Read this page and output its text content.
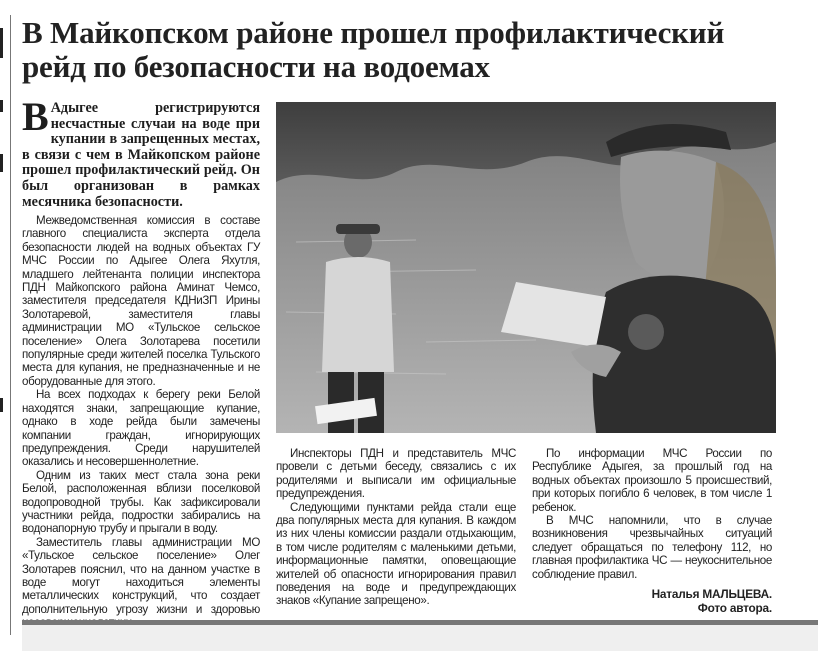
В Майкопском районе прошел профилактический
рейд по безопасности на водоемах

В Адыгее регистрируются несчастные случаи на воде при купании в запрещенных местах, в связи с чем в Майкопском районе прошел профилактический рейд. Он был организован в рамках месячника безопасности.

Межведомственная комиссия в составе главного специалиста эксперта отдела безопасности людей на водных объектах ГУ МЧС России по Адыгее Олега Яхутля, младшего лейтенанта полиции инспектора ПДН Майкопского района Аминат Чемсо, заместителя председателя КДНиЗП Ирины Золотаревой, заместителя главы администрации МО «Тульское сельское поселение» Олега Золотарева посетили популярные среди жителей поселка Тульского места для купания, не предназначенные и не оборудованные для этого.

На всех подходах к берегу реки Белой находятся знаки, запрещающие купание, однако в ходе рейда были замечены компании граждан, игнорирующих предупреждения. Среди нарушителей оказались и несовершеннолетние.

Одним из таких мест стала зона реки Белой, расположенная вблизи поселковой водопроводной трубы. Как зафиксировали участники рейда, подростки забирались на водонапорную трубу и прыгали в воду.

Заместитель главы администрации МО «Тульское сельское поселение» Олег Золотарев пояснил, что на данном участке в воде могут находиться элементы металлических конструкций, что создает дополнительную угрозу жизни и здоровью

Инспекторы ПДН и представитель МЧС провели с детьми беседу, связались с их родителями и выписали им официальные предупреждения.

Следующими пунктами рейда стали еще два популярных места для купания. В каждом из них члены комиссии раздали отдыхающим, в том числе родителям с маленькими детьми, информационные памятки, оповещающие жителей об опасности игнорирования правил поведения на воде и предупреждающих знаков «Купание запрещено».

По информации МЧС России по Республике Адыгея, за прошлый год на водных объектах произошло 5 происшествий, при которых погибло 6 человек, в том числе 1 ребенок.

В МЧС напомнили, что в случае возникновения чрезвычайных ситуаций следует обращаться по телефону 112, но главная профилактика ЧС — неукоснительное соблюдение правил.

Наталья МАЛЬЦЕВА.
Фото автора.
